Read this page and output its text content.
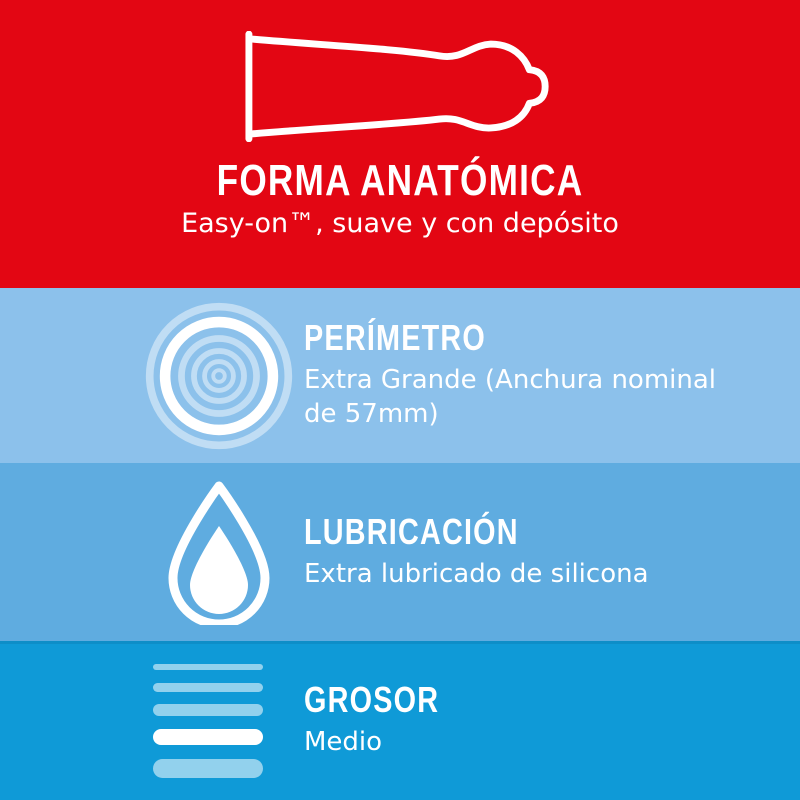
FORMA ANATÓMICA

Easy-on™, suave y con depósito

PERÍMETRO

Extra Grande (Anchura nominal
de 57mm)

LUBRICACIÓN

Extra lubricado de silicona

GROSOR

Medio
